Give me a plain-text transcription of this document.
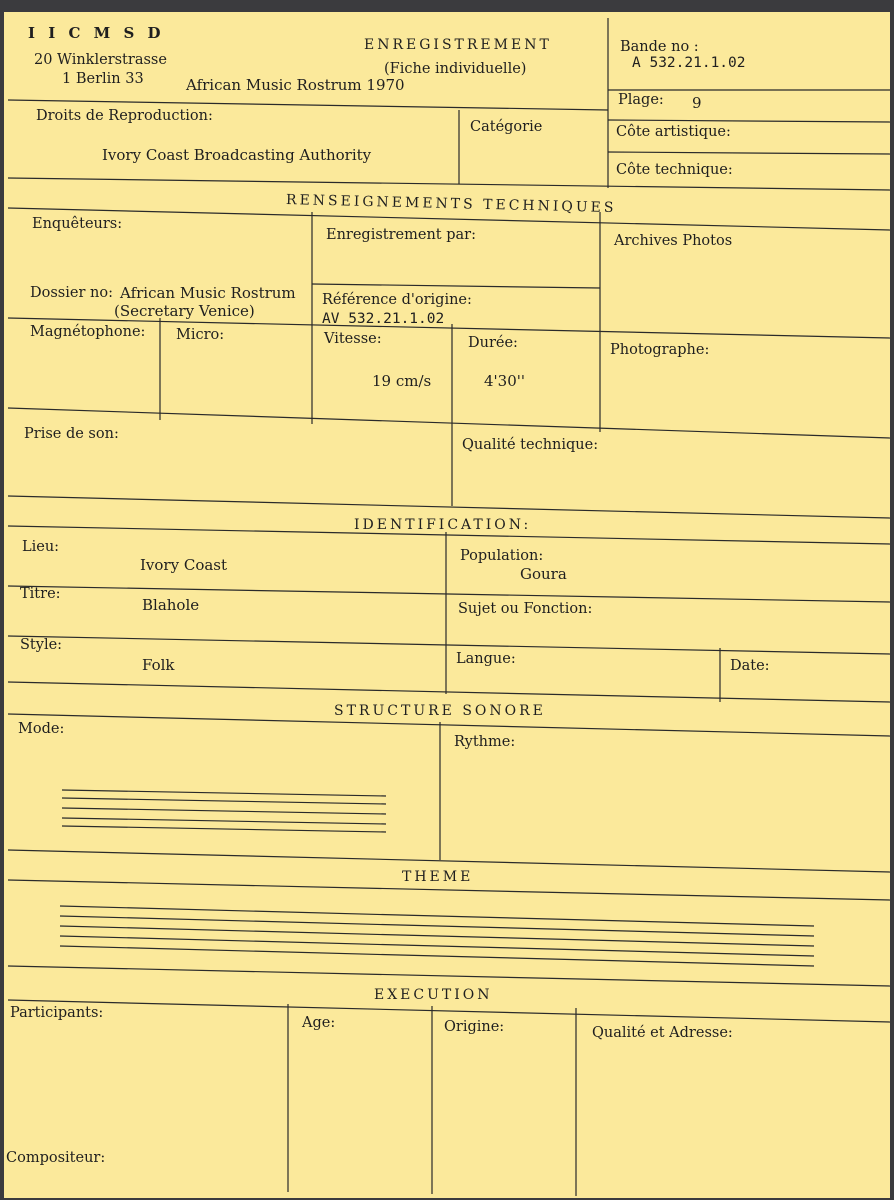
I I C M S D
20 Winklerstrasse
1 Berlin 33	African Music Rostrum 1970
ENREGISTREMENT
(Fiche individuelle)
Bande no :
A 532.21.1.02
Plage: 9
Droits de Reproduction:
Ivory Coast Broadcasting Authority
Catégorie	Côte artistique:
Côte technique:
RENSEIGNEMENTS TECHNIQUES
Enquêteurs:
Enregistrement par:	Archives Photos
Dossier no: African Music Rostrum
(Secretary Venice)
Référence d'origine:
AV 532.21.1.02
Magnétophone: Micro:	Vitesse:
19 cm/s
Durée:
4'30''
Photographe:
Prise de son:
Qualité technique:
IDENTIFICATION:
Lieu:
Ivory Coast	Population:
Goura
Titre:
Blahole	Sujet ou Fonction:
Style:
Folk	Langue:	Date:
STRUCTURE SONORE
Mode:
Rythme:
THEME
EXECUTION
Participants:
Age:	Origine:	Qualité et Adresse:
Compositeur:
